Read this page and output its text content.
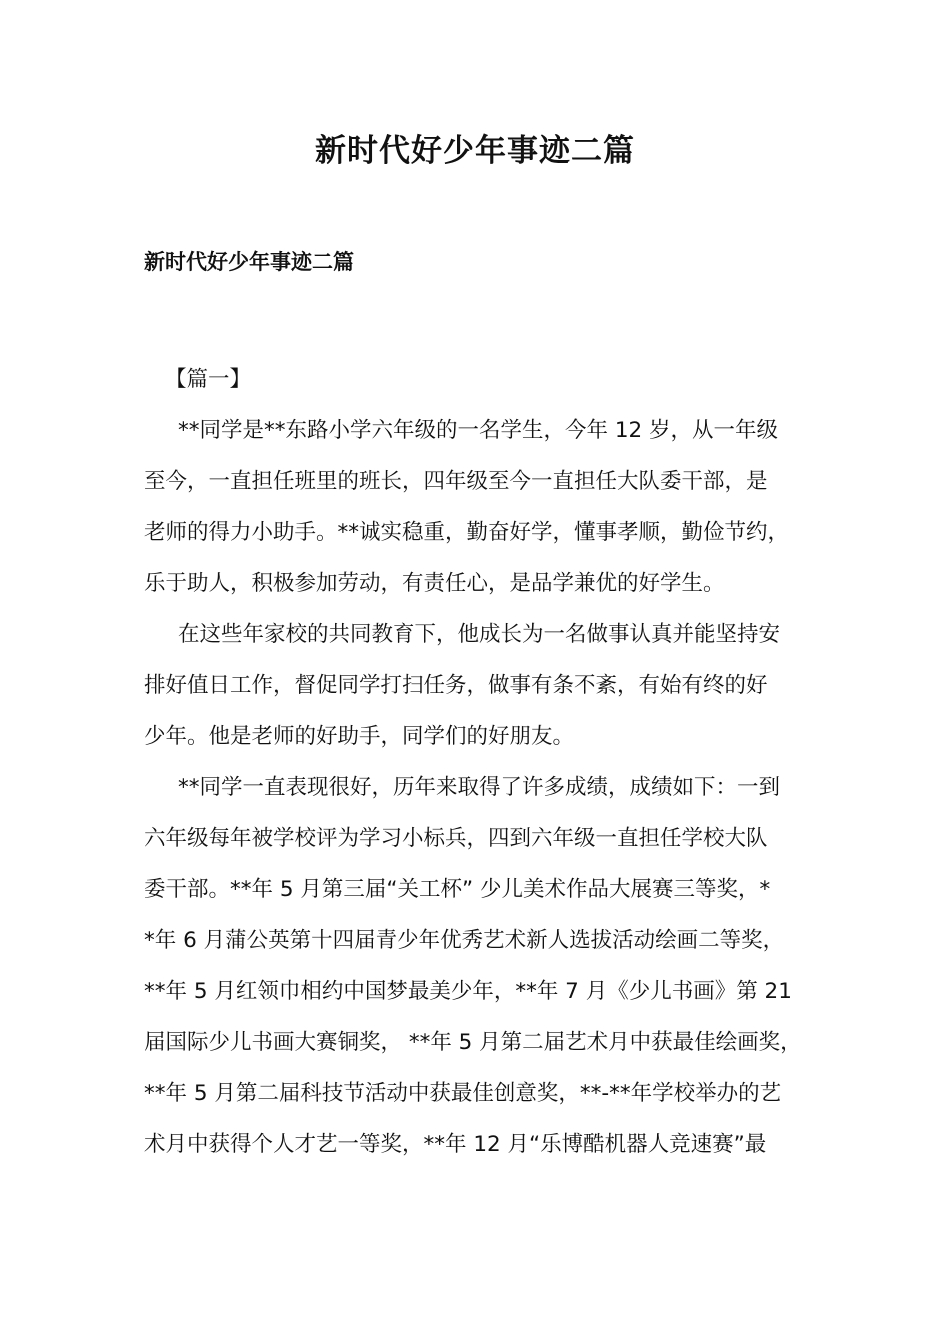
新时代好少年事迹二篇
新时代好少年事迹二篇
【篇一】
**同学是**东路小学六年级的一名学生，今年 12 岁，从一年级
至今，一直担任班里的班长，四年级至今一直担任大队委干部，是
老师的得力小助手。**诚实稳重，勤奋好学，懂事孝顺，勤俭节约，
乐于助人，积极参加劳动，有责任心，是品学兼优的好学生。
在这些年家校的共同教育下，他成长为一名做事认真并能坚持安
排好值日工作，督促同学打扫任务，做事有条不紊，有始有终的好
少年。他是老师的好助手，同学们的好朋友。
**同学一直表现很好，历年来取得了许多成绩，成绩如下：一到
六年级每年被学校评为学习小标兵，四到六年级一直担任学校大队
委干部。**年 5 月第三届“关工杯” 少儿美术作品大展赛三等奖，*
*年 6 月蒲公英第十四届青少年优秀艺术新人选拔活动绘画二等奖，
**年 5 月红领巾相约中国梦最美少年，**年 7 月《少儿书画》第 21
届国际少儿书画大赛铜奖， **年 5 月第二届艺术月中获最佳绘画奖，
**年 5 月第二届科技节活动中获最佳创意奖，**-**年学校举办的艺
术月中获得个人才艺一等奖，**年 12 月“乐博酷机器人竞速赛”最
